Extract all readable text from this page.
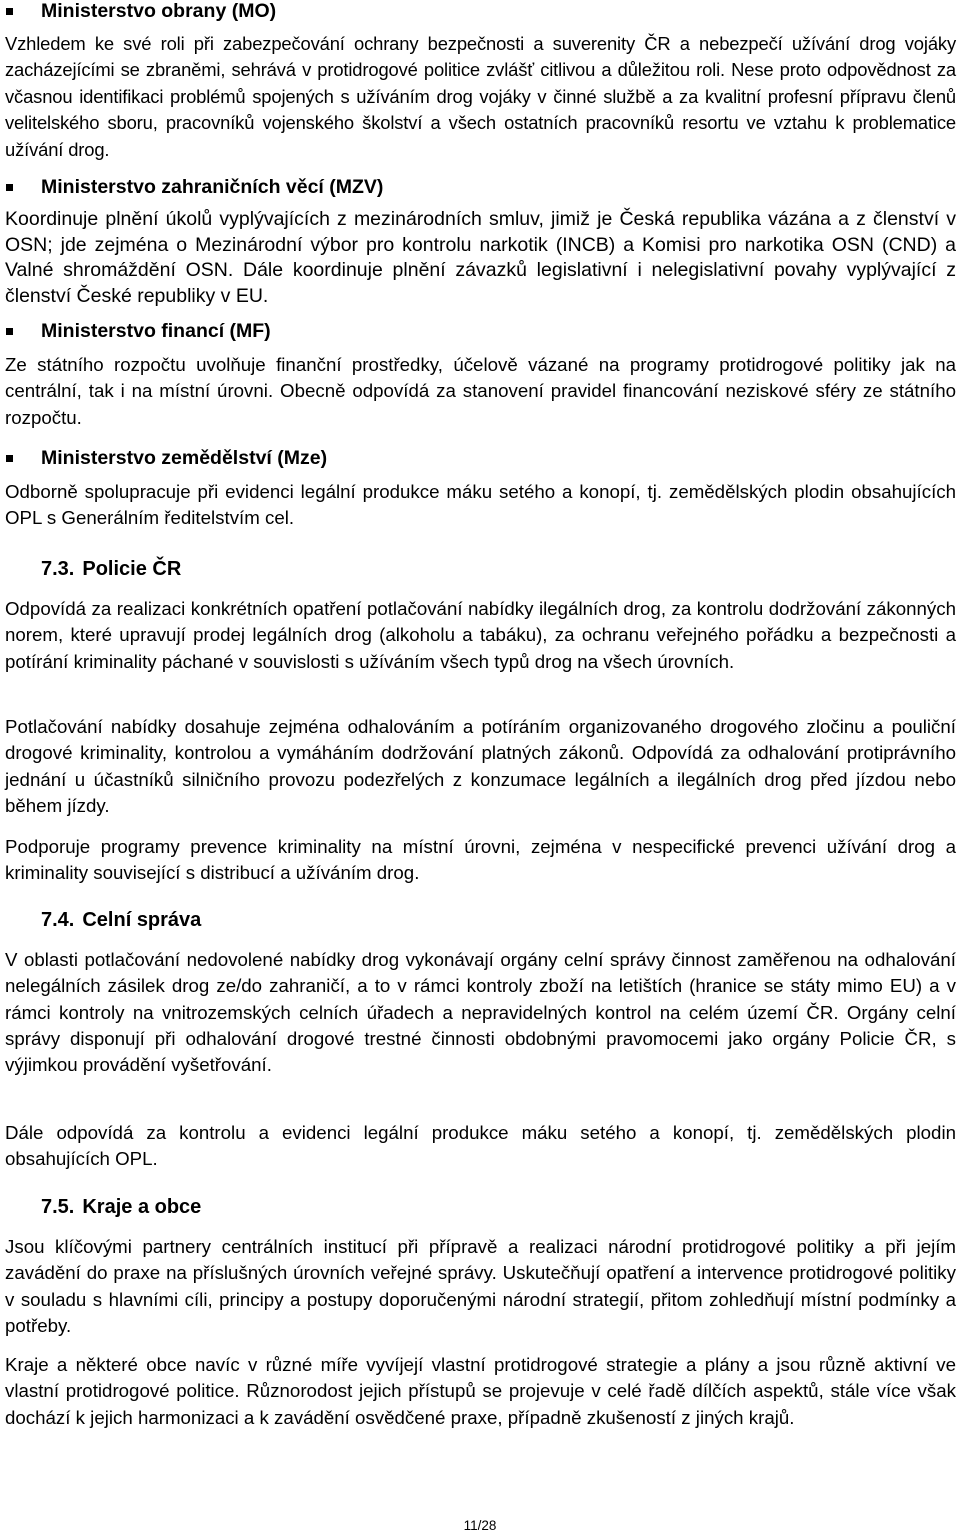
Ministerstvo obrany (MO)

Vzhledem ke své roli při zabezpečování ochrany bezpečnosti a suverenity ČR a nebezpečí užívání drog vojáky zacházejícími se zbraněmi, sehrává v protidrogové politice zvlášť citlivou a důležitou roli. Nese proto odpovědnost za včasnou identifikaci problémů spojených s užíváním drog vojáky v činné službě a za kvalitní profesní přípravu členů velitelského sboru, pracovníků vojenského školství a všech ostatních pracovníků resortu ve vztahu k problematice užívání drog.

Ministerstvo zahraničních věcí (MZV)

Koordinuje plnění úkolů vyplývajících z mezinárodních smluv, jimiž je Česká republika vázána a z členství v OSN; jde zejména o Mezinárodní výbor pro kontrolu narkotik (INCB) a Komisi pro narkotika OSN (CND) a Valné shromáždění OSN. Dále koordinuje plnění závazků legislativní i nelegislativní povahy vyplývající z členství České republiky v EU.

Ministerstvo financí (MF)

Ze státního rozpočtu uvolňuje finanční prostředky, účelově vázané na programy protidrogové politiky jak na centrální, tak i na místní úrovni. Obecně odpovídá za stanovení pravidel financování neziskové sféry ze státního rozpočtu.

Ministerstvo zemědělství (Mze)

Odborně spolupracuje při evidenci legální produkce máku setého a konopí, tj. zemědělských plodin obsahujících OPL s Generálním ředitelstvím cel.

7.3. Policie ČR

Odpovídá za realizaci konkrétních opatření potlačování nabídky ilegálních drog, za kontrolu dodržování zákonných norem, které upravují prodej legálních drog (alkoholu a tabáku), za ochranu veřejného pořádku a bezpečnosti a potírání kriminality páchané v souvislosti s užíváním všech typů drog na všech úrovních.

Potlačování nabídky dosahuje zejména odhalováním a potíráním organizovaného drogového zločinu a pouliční drogové kriminality, kontrolou a vymáháním dodržování platných zákonů. Odpovídá za odhalování protiprávního jednání u účastníků silničního provozu podezřelých z konzumace legálních a ilegálních drog před jízdou nebo během jízdy.

Podporuje programy prevence kriminality na místní úrovni, zejména v nespecifické prevenci užívání drog a kriminality související s distribucí a užíváním drog.

7.4. Celní správa

V oblasti potlačování nedovolené nabídky drog vykonávají orgány celní správy činnost zaměřenou na odhalování nelegálních zásilek drog ze/do zahraničí, a to v rámci kontroly zboží na letištích (hranice se státy mimo EU) a v rámci kontroly na vnitrozemských celních úřadech a nepravidelných kontrol na celém území ČR. Orgány celní správy disponují při odhalování drogové trestné činnosti obdobnými pravomocemi jako orgány Policie ČR, s výjimkou provádění vyšetřování.

Dále odpovídá za kontrolu a evidenci legální produkce máku setého a konopí, tj. zemědělských plodin obsahujících OPL.

7.5. Kraje a obce

Jsou klíčovými partnery centrálních institucí při přípravě a realizaci národní protidrogové politiky a při jejím zavádění do praxe na příslušných úrovních veřejné správy. Uskutečňují opatření a intervence protidrogové politiky v souladu s hlavními cíli, principy a postupy doporučenými národní strategií, přitom zohledňují místní podmínky a potřeby.

Kraje a některé obce navíc v různé míře vyvíjejí vlastní protidrogové strategie a plány a jsou různě aktivní ve vlastní protidrogové politice. Různorodost jejich přístupů se projevuje v celé řadě dílčích aspektů, stále více však dochází k jejich harmonizaci a k zavádění osvědčené praxe, případně zkušeností z jiných krajů.

11/28
